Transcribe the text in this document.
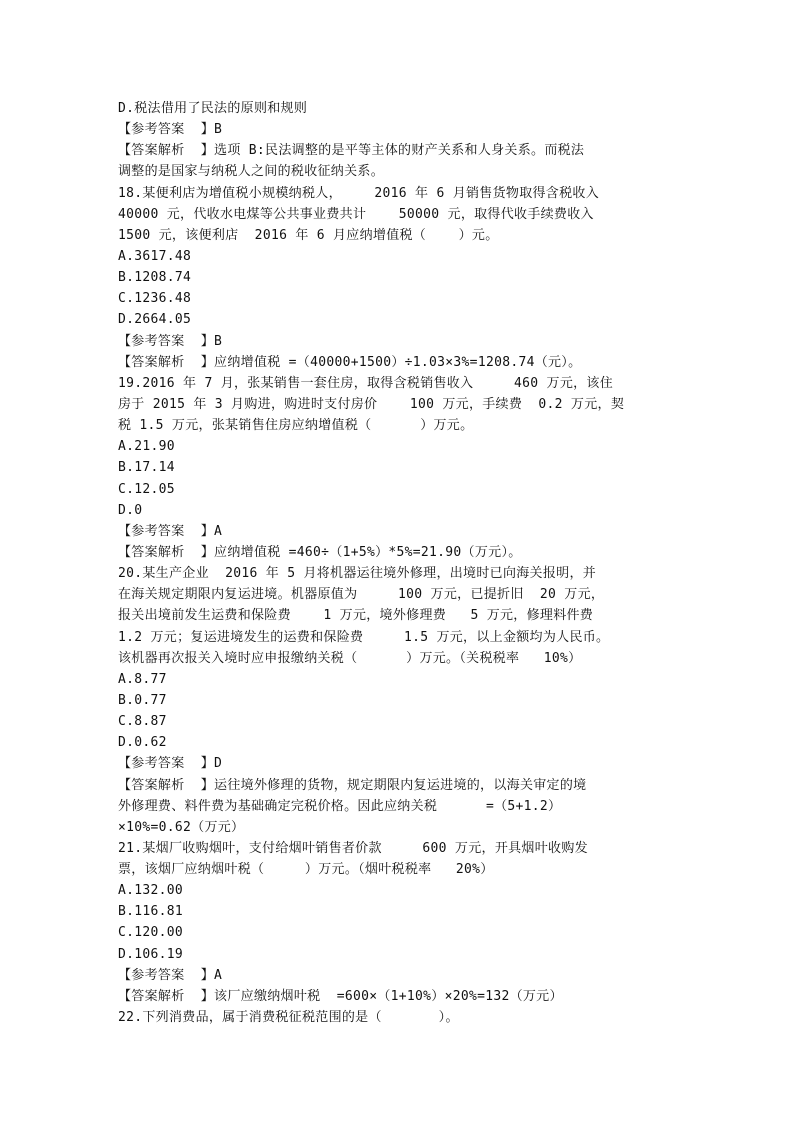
D.税法借用了民法的原则和规则
【参考答案  】B
【答案解析  】选项 B:民法调整的是平等主体的财产关系和人身关系。而税法
调整的是国家与纳税人之间的税收征纳关系。
18.某便利店为增值税小规模纳税人，    2016 年 6 月销售货物取得含税收入
40000 元，代收水电煤等公共事业费共计    50000 元，取得代收手续费收入
1500 元，该便利店  2016 年 6 月应纳增值税（    ）元。
A.3617.48
B.1208.74
C.1236.48
D.2664.05
【参考答案  】B
【答案解析  】应纳增值税 =（40000+1500）÷1.03×3%=1208.74（元）。
19.2016 年 7 月，张某销售一套住房，取得含税销售收入     460 万元，该住
房于 2015 年 3 月购进，购进时支付房价    100 万元，手续费  0.2 万元，契
税 1.5 万元，张某销售住房应纳增值税（      ）万元。
A.21.90
B.17.14
C.12.05
D.0
【参考答案  】A
【答案解析  】应纳增值税 =460÷（1+5%）*5%=21.90（万元）。
20.某生产企业  2016 年 5 月将机器运往境外修理，出境时已向海关报明，并
在海关规定期限内复运进境。机器原值为     100 万元，已提折旧  20 万元，
报关出境前发生运费和保险费    1 万元，境外修理费   5 万元，修理料件费
1.2 万元；复运进境发生的运费和保险费     1.5 万元，以上金额均为人民币。
该机器再次报关入境时应申报缴纳关税（      ）万元。（关税税率   10%）
A.8.77
B.0.77
C.8.87
D.0.62
【参考答案  】D
【答案解析  】运往境外修理的货物，规定期限内复运进境的，以海关审定的境
外修理费、料件费为基础确定完税价格。因此应纳关税      =（5+1.2）
×10%=0.62（万元）
21.某烟厂收购烟叶，支付给烟叶销售者价款     600 万元，开具烟叶收购发
票，该烟厂应纳烟叶税（     ）万元。（烟叶税税率   20%）
A.132.00
B.116.81
C.120.00
D.106.19
【参考答案  】A
【答案解析  】该厂应缴纳烟叶税  =600×（1+10%）×20%=132（万元）
22.下列消费品，属于消费税征税范围的是（       ）。
